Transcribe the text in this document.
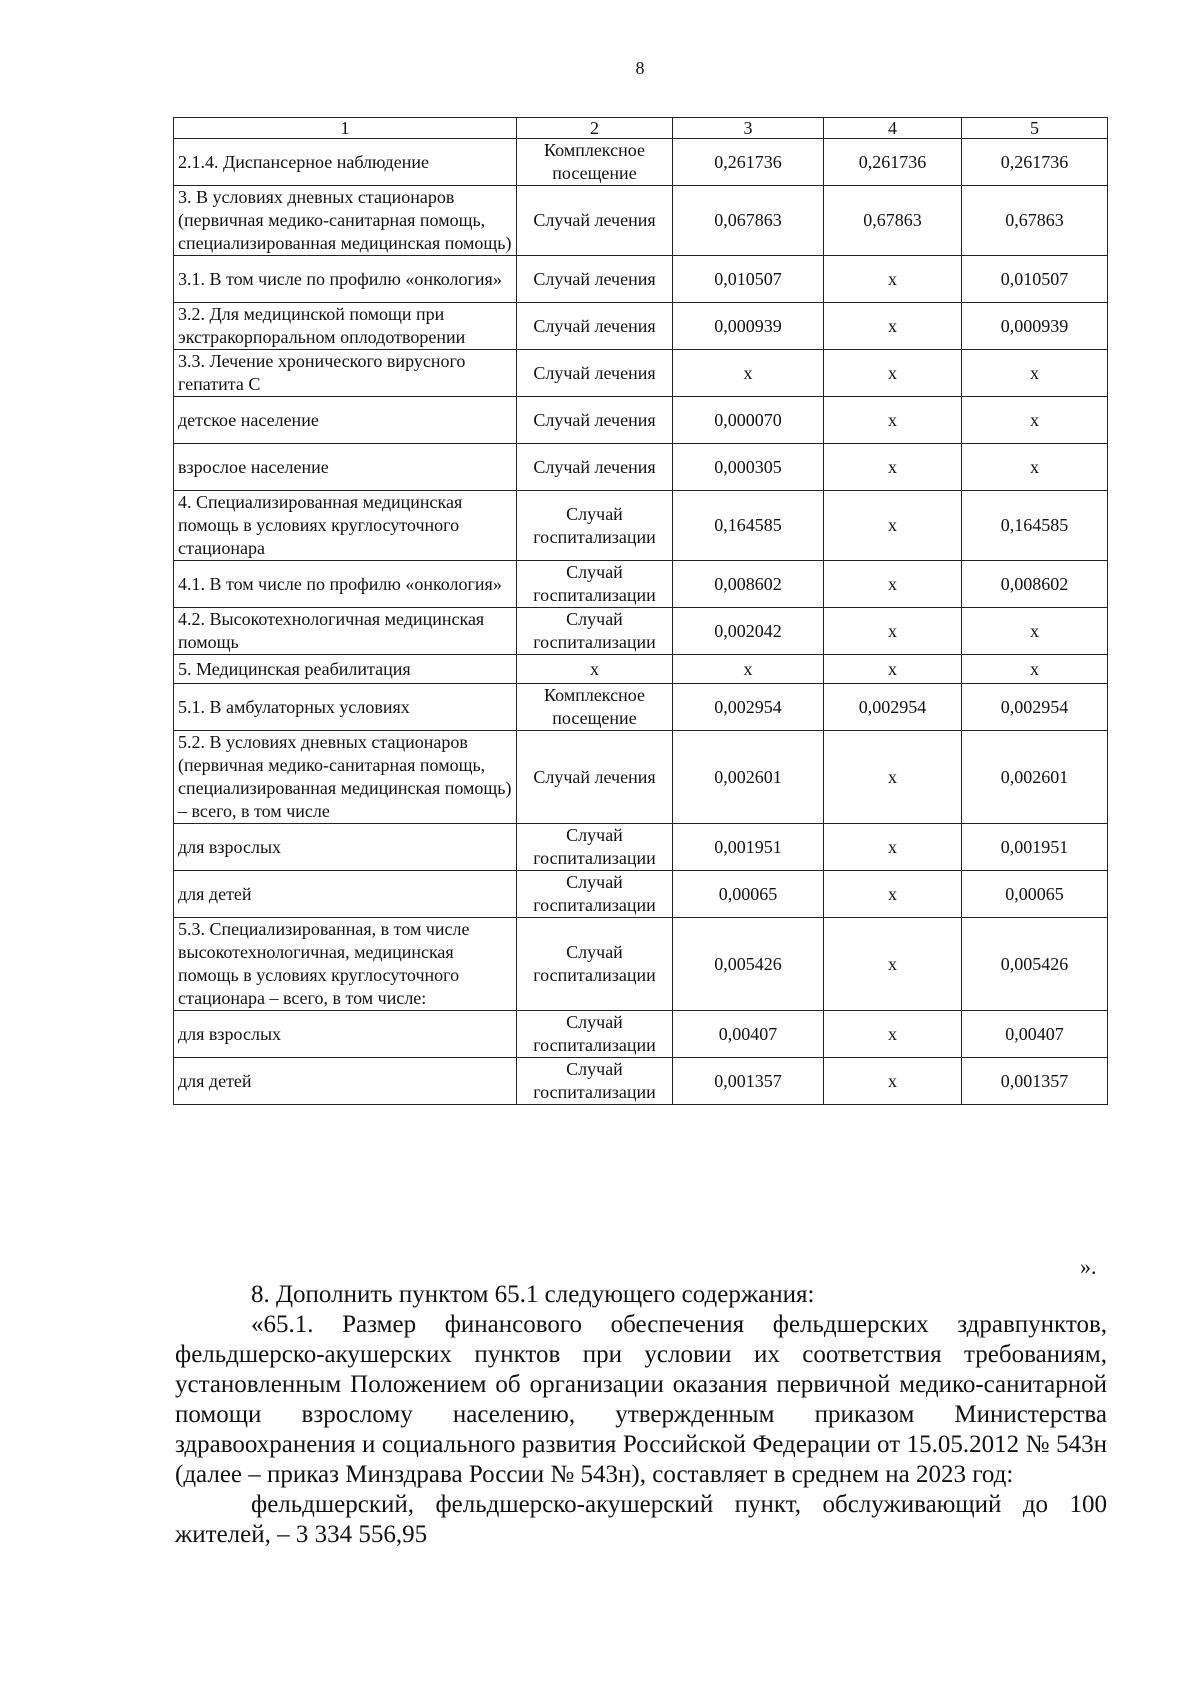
8
1	2	3	4	5
2.1.4. Диспансерное наблюдение	Комплексное посещение	0,261736	0,261736	0,261736
3. В условиях дневных стационаров (первичная медико-санитарная помощь, специализированная медицинская помощь)	Случай лечения	0,067863	0,67863	0,67863
3.1. В том числе по профилю «онкология»	Случай лечения	0,010507	х	0,010507
3.2. Для медицинской помощи при экстракорпоральном оплодотворении	Случай лечения	0,000939	х	0,000939
3.3. Лечение хронического вирусного гепатита С	Случай лечения	х	х	х
детское население	Случай лечения	0,000070	х	х
взрослое население	Случай лечения	0,000305	х	х
4. Специализированная медицинская помощь в условиях круглосуточного стационара	Случай госпитализации	0,164585	х	0,164585
4.1. В том числе по профилю «онкология»	Случай госпитализации	0,008602	х	0,008602
4.2. Высокотехнологичная медицинская помощь	Случай госпитализации	0,002042	х	х
5. Медицинская реабилитация	х	х	х	х
5.1. В амбулаторных условиях	Комплексное посещение	0,002954	0,002954	0,002954
5.2. В условиях дневных стационаров (первичная медико-санитарная помощь, специализированная медицинская помощь) – всего, в том числе	Случай лечения	0,002601	х	0,002601
для взрослых	Случай госпитализации	0,001951	х	0,001951
для детей	Случай госпитализации	0,00065	х	0,00065
5.3. Специализированная, в том числе высокотехнологичная, медицинская помощь в условиях круглосуточного стационара – всего, в том числе:	Случай госпитализации	0,005426	х	0,005426
для взрослых	Случай госпитализации	0,00407	х	0,00407
для детей	Случай госпитализации	0,001357	х	0,001357
».

8. Дополнить пунктом 65.1 следующего содержания:

«65.1. Размер финансового обеспечения фельдшерских здравпунктов, фельдшерско-акушерских пунктов при условии их соответствия требованиям, установленным Положением об организации оказания первичной медико-санитарной помощи взрослому населению, утвержденным приказом Министерства здравоохранения и социального развития Российской Федерации от 15.05.2012 № 543н (далее – приказ Минздрава России № 543н), составляет в среднем на 2023 год:

фельдшерский, фельдшерско-акушерский пункт, обслуживающий до 100 жителей, – 3 334 556,95
